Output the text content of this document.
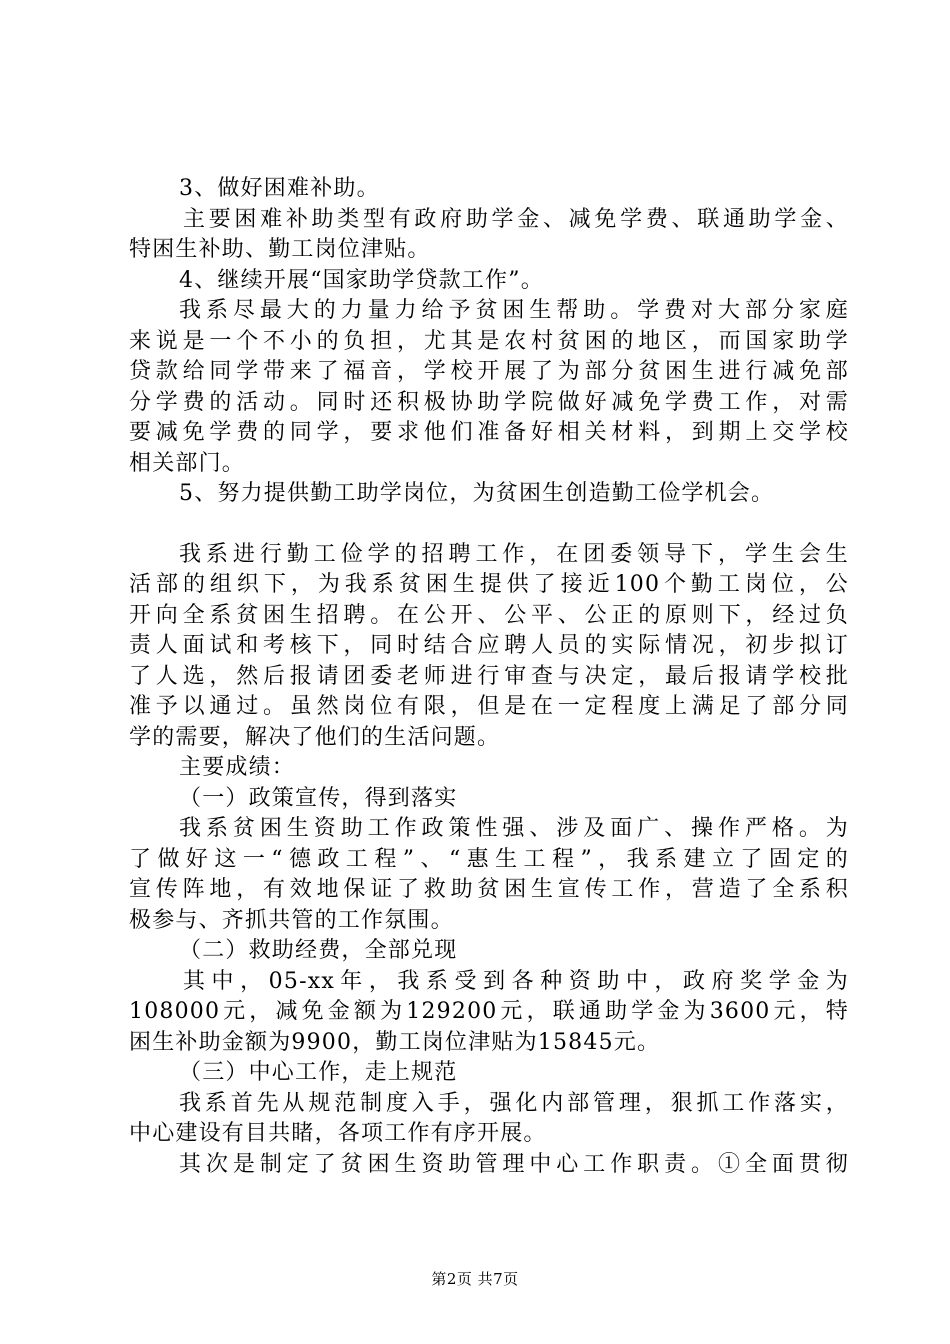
3、做好困难补助。
主要困难补助类型有政府助学金、减免学费、联通助学金、
特困生补助、勤工岗位津贴。
4、继续开展“国家助学贷款工作”。
我系尽最大的力量力给予贫困生帮助。学费对大部分家庭
来说是一个不小的负担，尤其是农村贫困的地区，而国家助学
贷款给同学带来了福音，学校开展了为部分贫困生进行减免部
分学费的活动。同时还积极协助学院做好减免学费工作，对需
要减免学费的同学，要求他们准备好相关材料，到期上交学校
相关部门。
5、努力提供勤工助学岗位，为贫困生创造勤工俭学机会。
我系进行勤工俭学的招聘工作，在团委领导下，学生会生
活部的组织下，为我系贫困生提供了接近100个勤工岗位，公
开向全系贫困生招聘。在公开、公平、公正的原则下，经过负
责人面试和考核下，同时结合应聘人员的实际情况，初步拟订
了人选，然后报请团委老师进行审查与决定，最后报请学校批
准予以通过。虽然岗位有限，但是在一定程度上满足了部分同
学的需要，解决了他们的生活问题。
主要成绩：
（一）政策宣传，得到落实
我系贫困生资助工作政策性强、涉及面广、操作严格。为
了做好这一“德政工程”、“惠生工程”，我系建立了固定的
宣传阵地，有效地保证了救助贫困生宣传工作，营造了全系积
极参与、齐抓共管的工作氛围。
（二）救助经费，全部兑现
其中，05-xx年，我系受到各种资助中，政府奖学金为
108000元，减免金额为129200元，联通助学金为3600元，特
困生补助金额为9900，勤工岗位津贴为15845元。
（三）中心工作，走上规范
我系首先从规范制度入手，强化内部管理，狠抓工作落实，
中心建设有目共睹，各项工作有序开展。
其次是制定了贫困生资助管理中心工作职责。①全面贯彻
第2页 共7页
